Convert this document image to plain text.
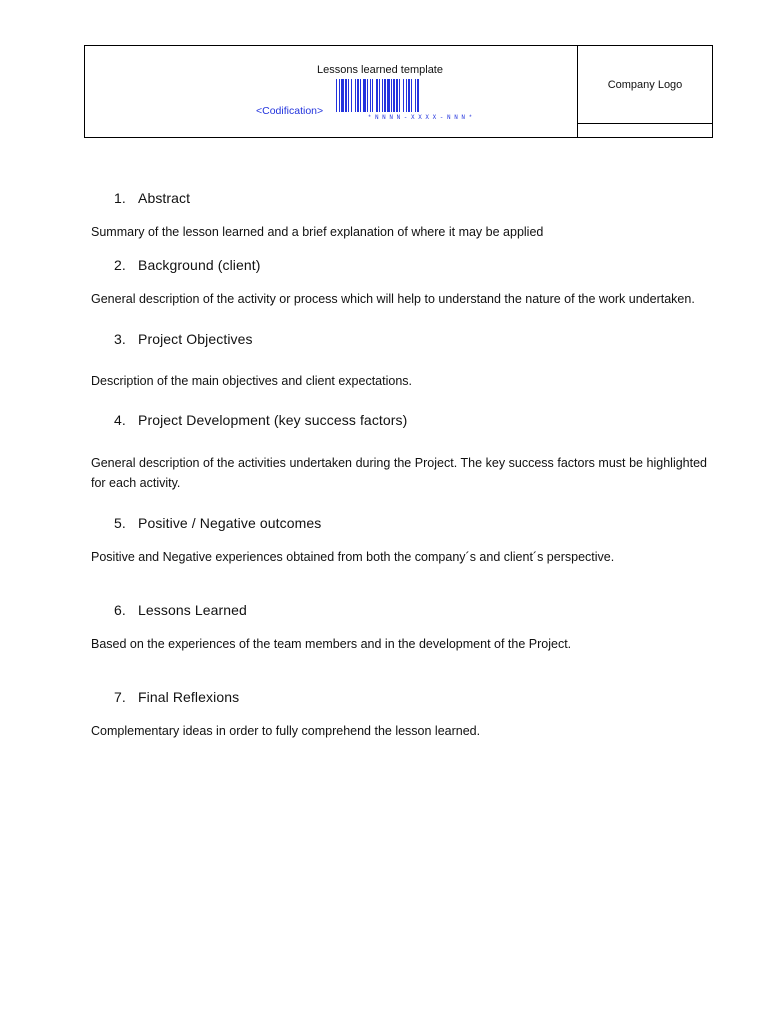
Lessons learned template
<Codification>
* N N N N - X X X X - N N N *
Company Logo
1. Abstract
Summary of the lesson learned and a brief explanation of where it may be applied
2. Background (client)
General description of the activity or process which will help to understand the nature of the work undertaken.
3. Project Objectives
Description of the main objectives and client expectations.
4. Project Development (key success factors)
General description of the activities undertaken during the Project. The key success factors must be highlighted for each activity.
5. Positive / Negative outcomes
Positive and Negative experiences obtained from both the company´s and client´s perspective.
6. Lessons Learned
Based on the experiences of the team members and in the development of the Project.
7. Final Reflexions
Complementary ideas in order to fully comprehend the lesson learned.
